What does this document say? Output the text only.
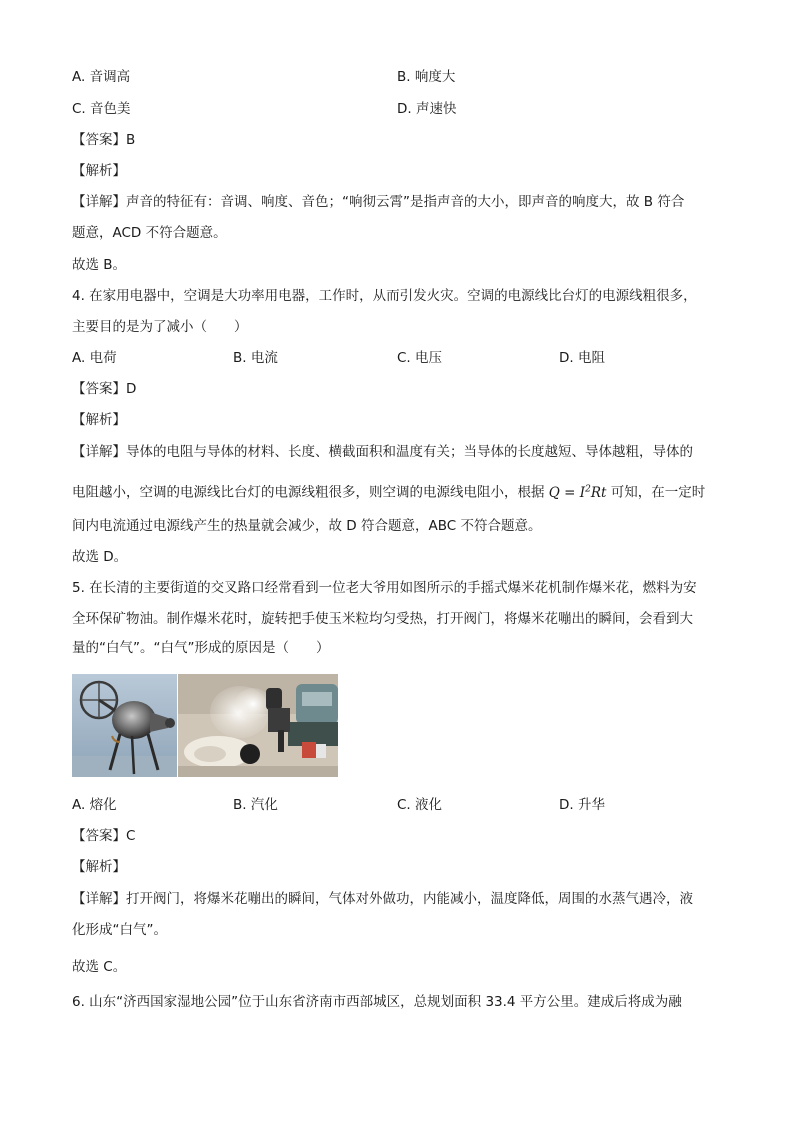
A. 音调高	B. 响度大
C. 音色美	D. 声速快
【答案】B
【解析】
【详解】声音的特征有：音调、响度、音色；“响彻云霄”是指声音的大小，即声音的响度大，故 B 符合
题意，ACD 不符合题意。
故选 B。
4. 在家用电器中，空调是大功率用电器，工作时，从而引发火灾。空调的电源线比台灯的电源线粗很多，
主要目的是为了减小（　　）
A. 电荷	B. 电流	C. 电压	D. 电阻
【答案】D
【解析】
【详解】导体的电阻与导体的材料、长度、横截面积和温度有关；当导体的长度越短、导体越粗，导体的
电阻越小，空调的电源线比台灯的电源线粗很多，则空调的电源线电阻小，根据 $Q = I^2Rt$ 可知，在一定时
间内电流通过电源线产生的热量就会减少，故 D 符合题意，ABC 不符合题意。
故选 D。
5. 在长清的主要街道的交叉路口经常看到一位老大爷用如图所示的手摇式爆米花机制作爆米花，燃料为安
全环保矿物油。制作爆米花时，旋转把手使玉米粒均匀受热，打开阀门，将爆米花嘣出的瞬间，会看到大
量的“白气”。“白气”形成的原因是（　　）
A. 熔化	B. 汽化	C. 液化	D. 升华
【答案】C
【解析】
【详解】打开阀门，将爆米花嘣出的瞬间，气体对外做功，内能减小，温度降低，周围的水蒸气遇冷，液
化形成“白气”。
故选 C。
6. 山东“济西国家湿地公园”位于山东省济南市西部城区，总规划面积 33.4 平方公里。建成后将成为融
